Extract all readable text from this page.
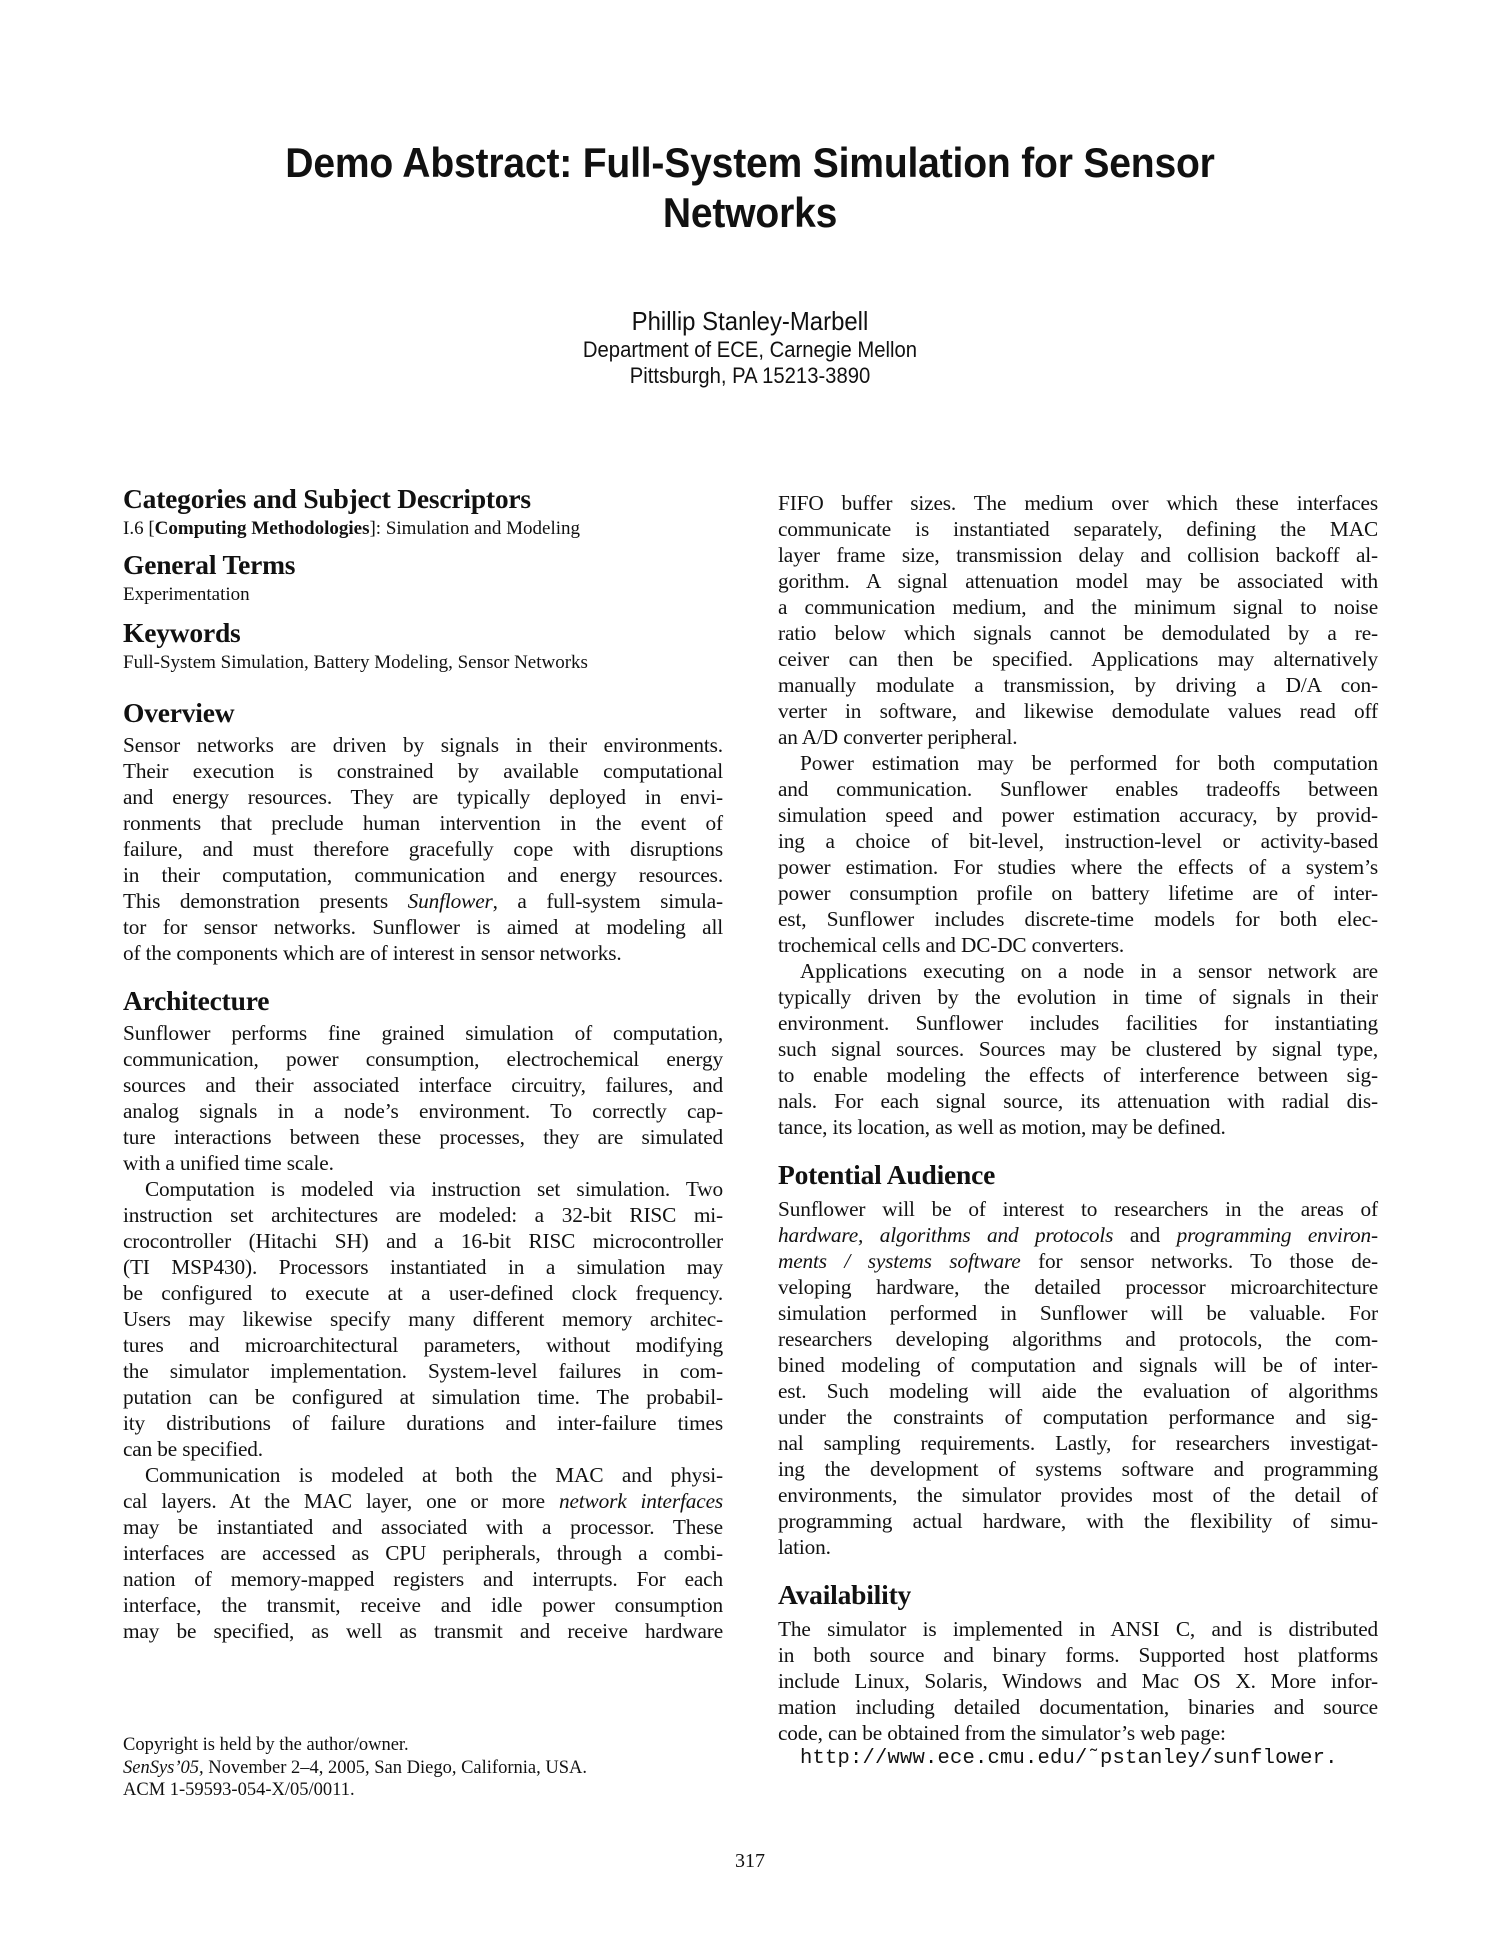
Demo Abstract: Full-System Simulation for Sensor
Networks
Phillip Stanley-Marbell
Department of ECE, Carnegie Mellon
Pittsburgh, PA 15213-3890
Categories and Subject Descriptors

I.6 [Computing Methodologies]: Simulation and Modeling

General Terms

Experimentation

Keywords

Full-System Simulation, Battery Modeling, Sensor Networks

Overview
Sensor networks are driven by signals in their environments.
Their execution is constrained by available computational
and energy resources. They are typically deployed in envi-
ronments that preclude human intervention in the event of
failure, and must therefore gracefully cope with disruptions
in their computation, communication and energy resources.
This demonstration presents Sunflower, a full-system simula-
tor for sensor networks. Sunflower is aimed at modeling all
of the components which are of interest in sensor networks.
Architecture
Sunflower performs fine grained simulation of computation,
communication, power consumption, electrochemical energy
sources and their associated interface circuitry, failures, and
analog signals in a node’s environment. To correctly cap-
ture interactions between these processes, they are simulated
with a unified time scale.
Computation is modeled via instruction set simulation. Two
instruction set architectures are modeled: a 32-bit RISC mi-
crocontroller (Hitachi SH) and a 16-bit RISC microcontroller
(TI MSP430). Processors instantiated in a simulation may
be configured to execute at a user-defined clock frequency.
Users may likewise specify many different memory architec-
tures and microarchitectural parameters, without modifying
the simulator implementation. System-level failures in com-
putation can be configured at simulation time. The probabil-
ity distributions of failure durations and inter-failure times
can be specified.
Communication is modeled at both the MAC and physi-
cal layers. At the MAC layer, one or more network interfaces
may be instantiated and associated with a processor. These
interfaces are accessed as CPU peripherals, through a combi-
nation of memory-mapped registers and interrupts. For each
interface, the transmit, receive and idle power consumption
may be specified, as well as transmit and receive hardware
Copyright is held by the author/owner.
SenSys’05, November 2–4, 2005, San Diego, California, USA.
ACM 1-59593-054-X/05/0011.
FIFO buffer sizes. The medium over which these interfaces
communicate is instantiated separately, defining the MAC
layer frame size, transmission delay and collision backoff al-
gorithm. A signal attenuation model may be associated with
a communication medium, and the minimum signal to noise
ratio below which signals cannot be demodulated by a re-
ceiver can then be specified. Applications may alternatively
manually modulate a transmission, by driving a D/A con-
verter in software, and likewise demodulate values read off
an A/D converter peripheral.
Power estimation may be performed for both computation
and communication. Sunflower enables tradeoffs between
simulation speed and power estimation accuracy, by provid-
ing a choice of bit-level, instruction-level or activity-based
power estimation. For studies where the effects of a system’s
power consumption profile on battery lifetime are of inter-
est, Sunflower includes discrete-time models for both elec-
trochemical cells and DC-DC converters.
Applications executing on a node in a sensor network are
typically driven by the evolution in time of signals in their
environment. Sunflower includes facilities for instantiating
such signal sources. Sources may be clustered by signal type,
to enable modeling the effects of interference between sig-
nals. For each signal source, its attenuation with radial dis-
tance, its location, as well as motion, may be defined.
Potential Audience
Sunflower will be of interest to researchers in the areas of
hardware, algorithms and protocols and programming environ-
ments / systems software for sensor networks. To those de-
veloping hardware, the detailed processor microarchitecture
simulation performed in Sunflower will be valuable. For
researchers developing algorithms and protocols, the com-
bined modeling of computation and signals will be of inter-
est. Such modeling will aide the evaluation of algorithms
under the constraints of computation performance and sig-
nal sampling requirements. Lastly, for researchers investigat-
ing the development of systems software and programming
environments, the simulator provides most of the detail of
programming actual hardware, with the flexibility of simu-
lation.
Availability
The simulator is implemented in ANSI C, and is distributed
in both source and binary forms. Supported host platforms
include Linux, Solaris, Windows and Mac OS X. More infor-
mation including detailed documentation, binaries and source
code, can be obtained from the simulator’s web page:

http://www.ece.cmu.edu/˜pstanley/sunflower.

317
